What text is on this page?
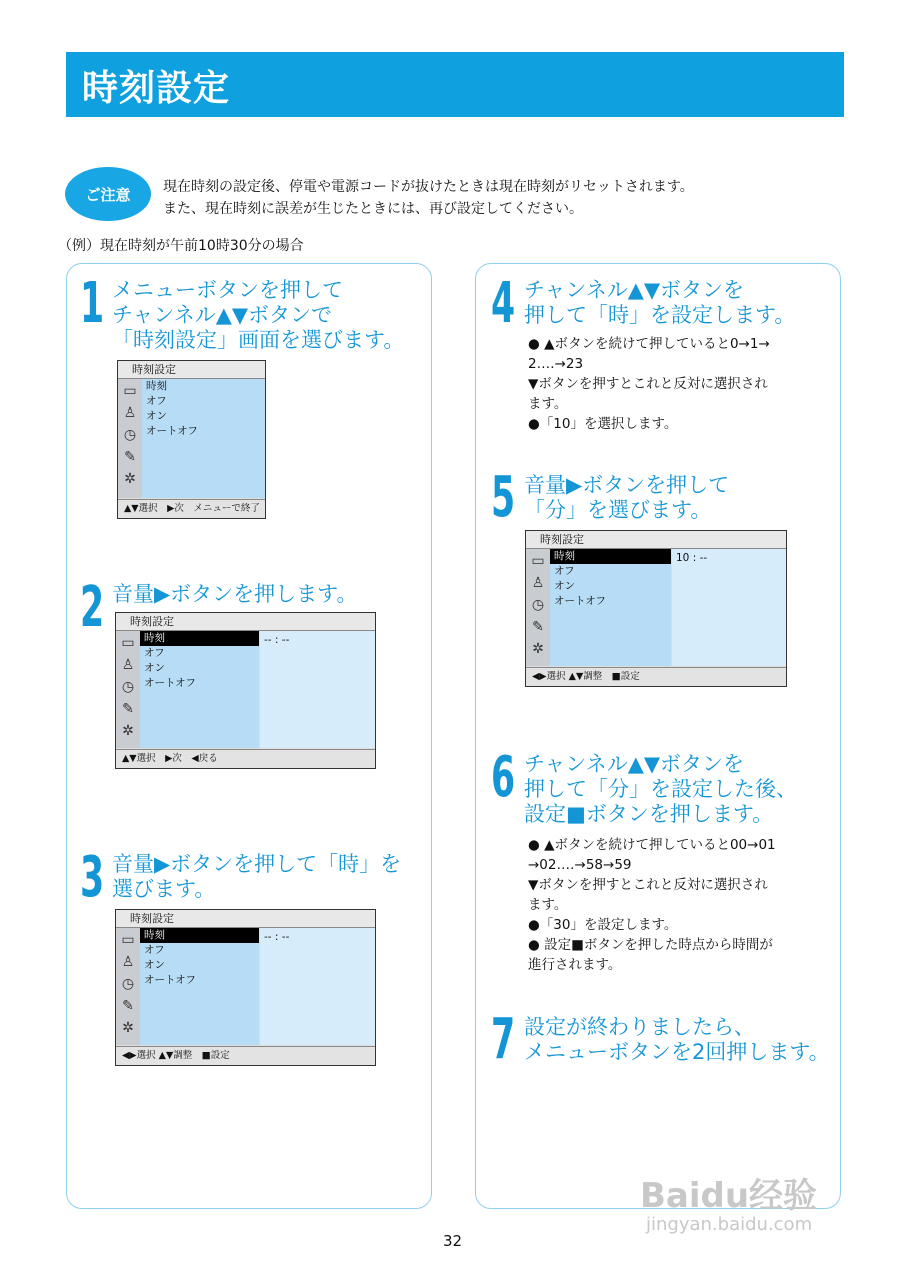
時刻設定
ご注意	現在時刻の設定後、停電や電源コードが抜けたときは現在時刻がリセットされます。
また、現在時刻に誤差が生じたときには、再び設定してください。
（例）現在時刻が午前10時30分の場合
1 メニューボタンを押して
チャンネル▲▼ボタンで
「時刻設定」画面を選びます。
時刻設定
▭
♙
◷
✎
✲
時刻
オフ
オン
オートオフ
▲▼選択　▶次　メニューで終了
2 音量▶ボタンを押します。
時刻設定
▭
♙
◷
✎
✲
時刻
オフ
オン
オートオフ
-- : --
▲▼選択　▶次　◀戻る
3 音量▶ボタンを押して「時」を
選びます。
時刻設定
▭
♙
◷
✎
✲
時刻
オフ
オン
オートオフ
-- : --
◀▶選択 ▲▼調整　■設定
4 チャンネル▲▼ボタンを
押して「時」を設定します。
● ▲ボタンを続けて押していると0→1→
2‥‥→23
▼ボタンを押すとこれと反対に選択され
ます。
●「10」を選択します。
5 音量▶ボタンを押して
「分」を選びます。
時刻設定
▭
♙
◷
✎
✲
時刻
オフ
オン
オートオフ
10 : --
◀▶選択 ▲▼調整　■設定
6 チャンネル▲▼ボタンを
押して「分」を設定した後、
設定■ボタンを押します。
● ▲ボタンを続けて押していると00→01
→02‥‥→58→59
▼ボタンを押すとこれと反対に選択され
ます。
●「30」を設定します。
● 設定■ボタンを押した時点から時間が
進行されます。
7 設定が終わりましたら、
メニューボタンを2回押します。
32
Baidu经验
jingyan.baidu.com
